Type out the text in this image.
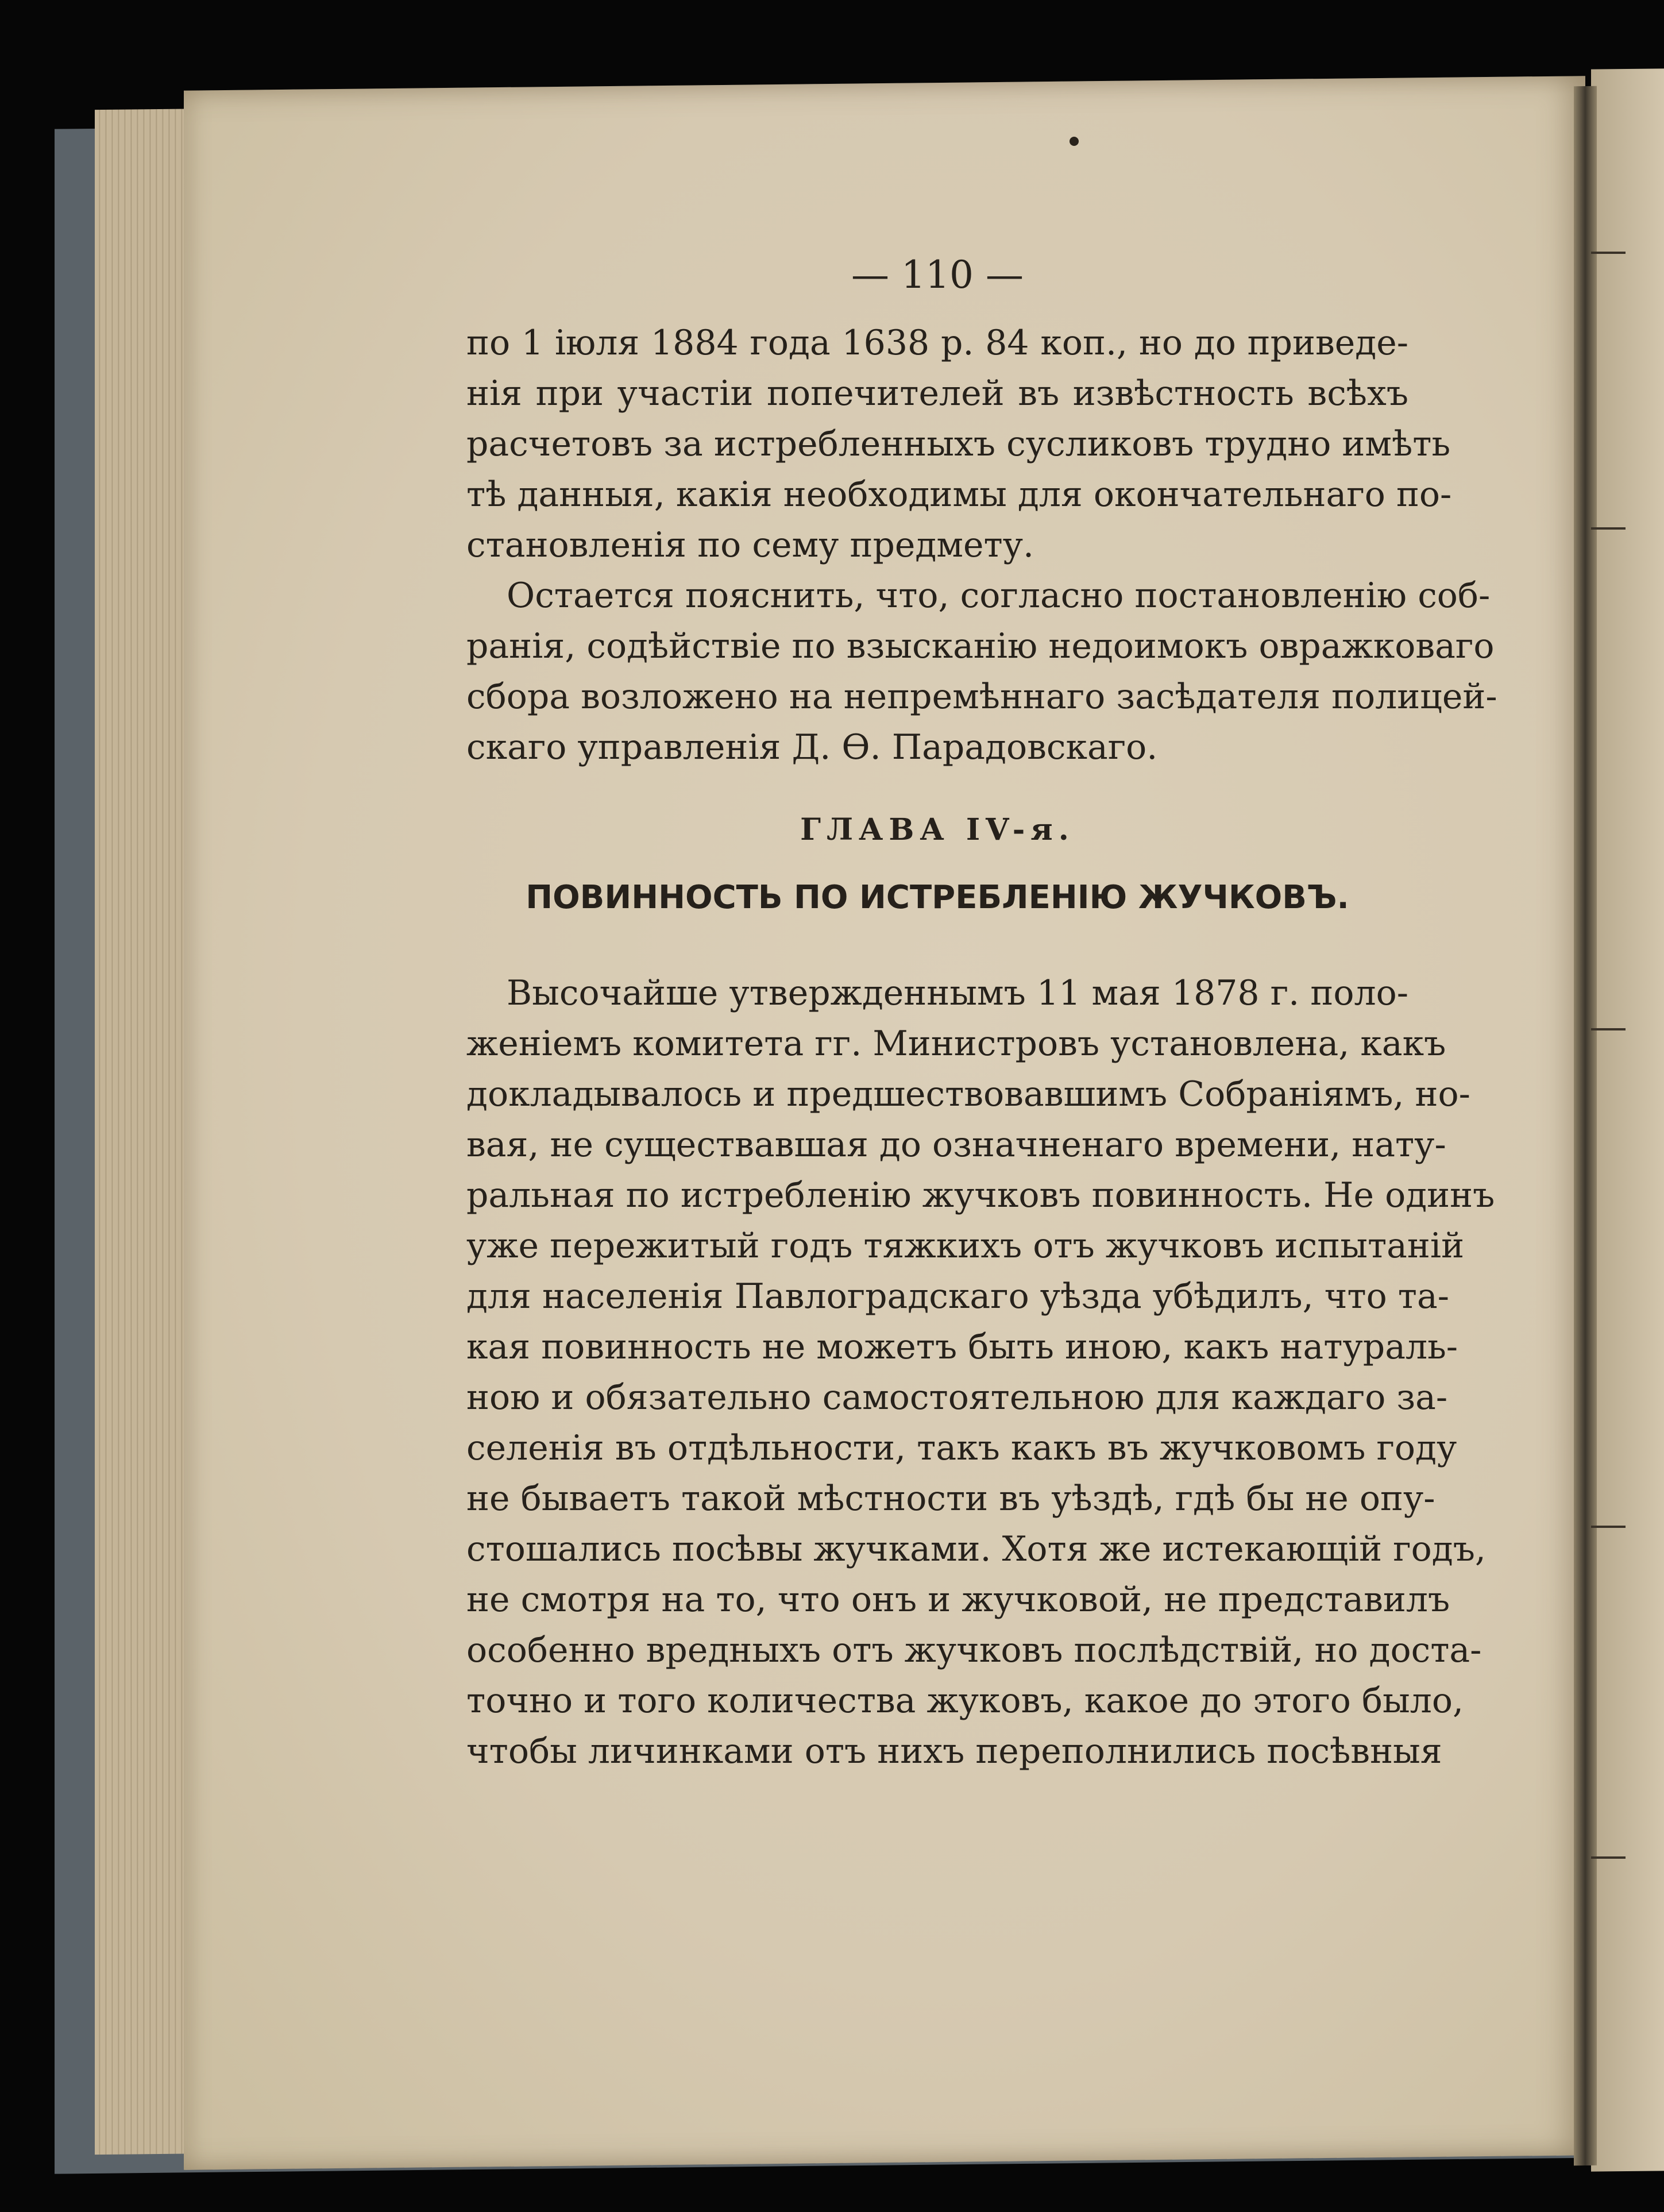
— 110 —
по 1 іюля 1884 года 1638 р. 84 коп., но до приведе-
нія при участіи попечителей въ извѣстность всѣхъ
расчетовъ за истребленныхъ сусликовъ трудно имѣть
тѣ данныя, какія необходимы для окончательнаго по-
становленія по сему предмету.
Остается пояснить, что, согласно постановленію соб-
ранія, содѣйствіе по взысканію недоимокъ овражковаго
сбора возложено на непремѣннаго засѣдателя полицей-
скаго управленія Д. Ѳ. Парадовскаго.
ГЛАВА IV-я.
ПОВИННОСТЬ ПО ИСТРЕБЛЕНІЮ ЖУЧКОВЪ.
Высочайше утвержденнымъ 11 мая 1878 г. поло-
женіемъ комитета гг. Министровъ установлена, какъ
докладывалось и предшествовавшимъ Собраніямъ, но-
вая, не существавшая до означненаго времени, нату-
ральная по истребленію жучковъ повинность. Не одинъ
уже пережитый годъ тяжкихъ отъ жучковъ испытаній
для населенія Павлоградскаго уѣзда убѣдилъ, что та-
кая повинность не можетъ быть иною, какъ натураль-
ною и обязательно самостоятельною для каждаго за-
селенія въ отдѣльности, такъ какъ въ жучковомъ году
не бываетъ такой мѣстности въ уѣздѣ, гдѣ бы не опу-
стошались посѣвы жучками. Хотя же истекающій годъ,
не смотря на то, что онъ и жучковой, не представилъ
особенно вредныхъ отъ жучковъ послѣдствій, но доста-
точно и того количества жуковъ, какое до этого было,
чтобы личинками отъ нихъ переполнились посѣвныя
